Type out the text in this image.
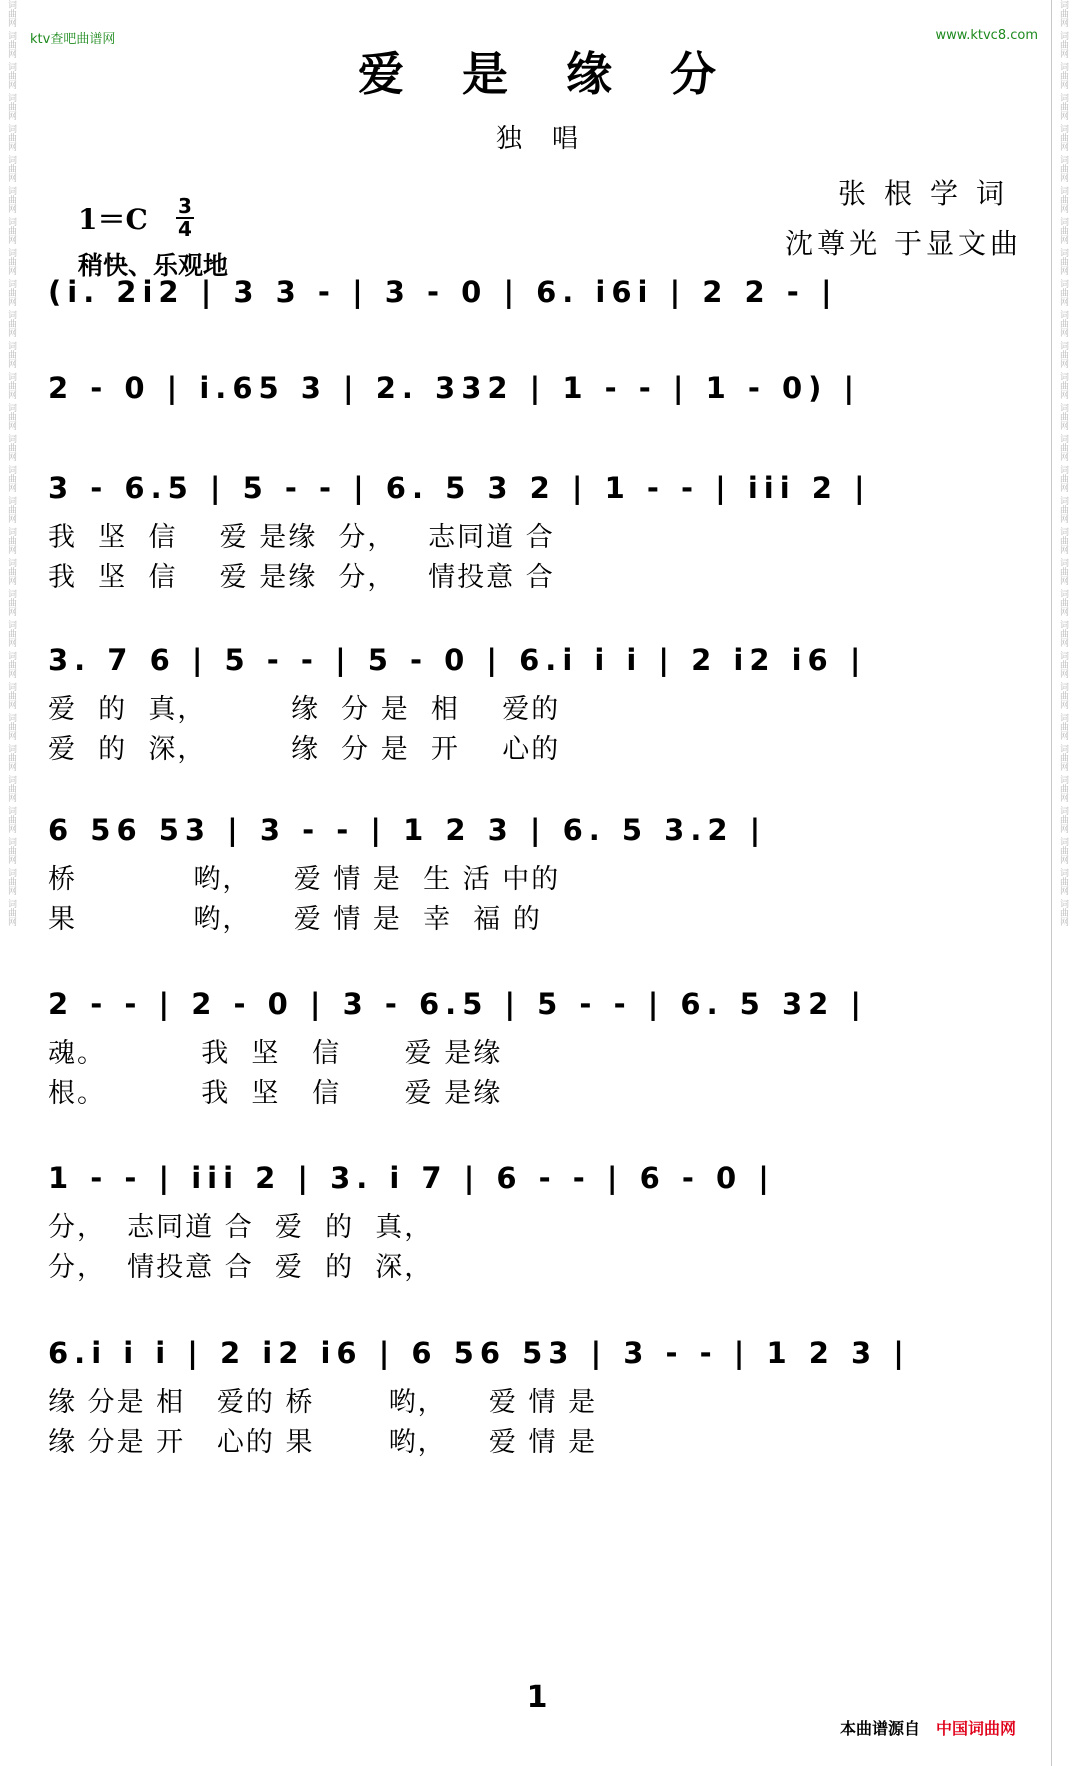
词曲网
词曲网
词曲网
词曲网
词曲网
词曲网
词曲网
词曲网
词曲网
词曲网
词曲网
词曲网
词曲网
词曲网
词曲网
词曲网
词曲网
词曲网
词曲网
词曲网
词曲网
词曲网
词曲网
词曲网
词曲网
词曲网
词曲网
词曲网
词曲网
词曲网
词曲网
词曲网
词曲网
词曲网
词曲网
词曲网
词曲网
词曲网
词曲网
词曲网
词曲网
词曲网
词曲网
词曲网
词曲网
词曲网
词曲网
词曲网
词曲网
词曲网
词曲网
词曲网
词曲网
词曲网
词曲网
词曲网
词曲网
词曲网
词曲网
词曲网
ktv查吧曲谱网	www.ktvc8.com
爱是缘分
独唱
1＝C 3
4
稍快、乐观地
张根学词
沈尊光 于显文曲
(i. 2i2 | 3 3 - | 3 - 0 | 6. i6i | 2 2 - |
2 - 0 | i.65 3 | 2. 332 | 1 - - | 1 - 0) |
3 - 6.5 | 5 - - | 6. 5 3 2 | 1 - - | iii 2 |
我  坚  信    爱 是缘  分，   志同道 合
我  坚  信    爱 是缘  分，   情投意 合
3. 7 6 | 5 - - | 5 - 0 | 6.i i i | 2 i2 i6 |
爱  的  真，        缘  分 是  相    爱的
爱  的  深，        缘  分 是  开    心的
6 56 53 | 3 - - | 1 2 3 | 6. 5 3.2 |
桥           哟，    爱 情 是  生 活 中的
果           哟，    爱 情 是  幸  福 的
2 - - | 2 - 0 | 3 - 6.5 | 5 - - | 6. 5 32 |
魂。         我  坚   信      爱 是缘
根。         我  坚   信      爱 是缘
1 - - | iii 2 | 3. i 7 | 6 - - | 6 - 0 |
分，  志同道 合  爱  的  真，
分，  情投意 合  爱  的  深，
6.i i i | 2 i2 i6 | 6 56 53 | 3 - - | 1 2 3 |
缘 分是 相   爱的 桥       哟，    爱 情 是
缘 分是 开   心的 果       哟，    爱 情 是
1
本曲谱源自 中国词曲网
